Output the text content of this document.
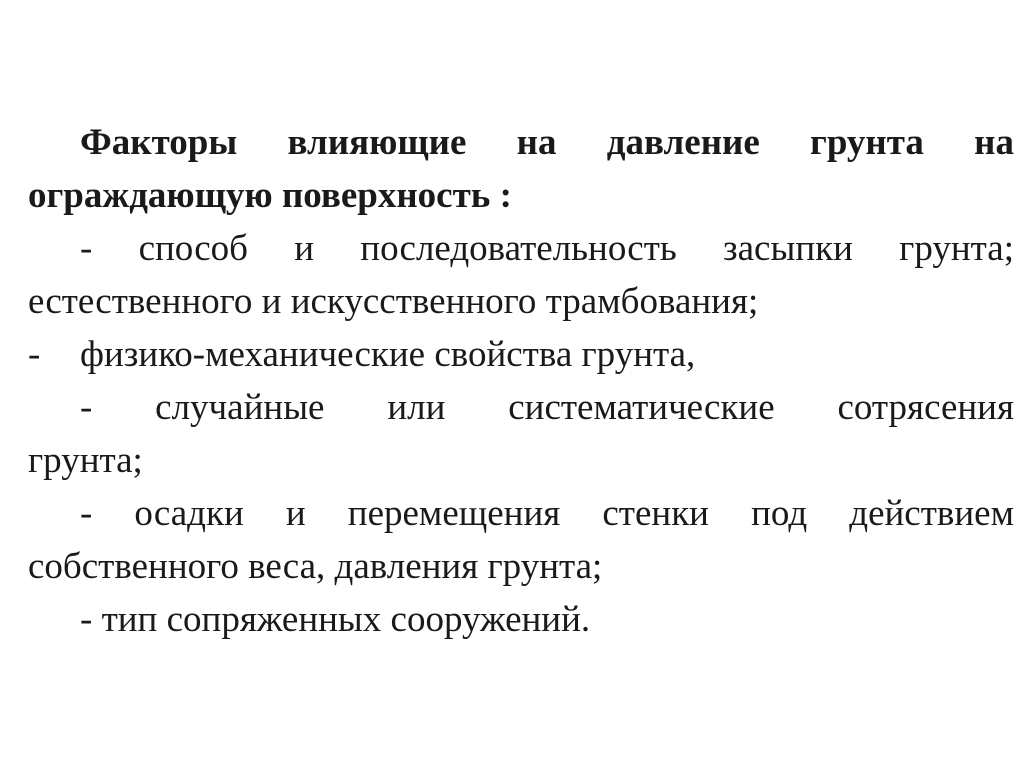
Факторы влияющие на давление грунта на
ограждающую поверхность :
- способ и последовательность засыпки грунта;
естественного и искусственного трамбования;
-	физико-механические свойства грунта,
- случайные или систематические сотрясения
грунта;
- осадки и перемещения стенки под действием
собственного веса, давления грунта;
- тип сопряженных сооружений.
